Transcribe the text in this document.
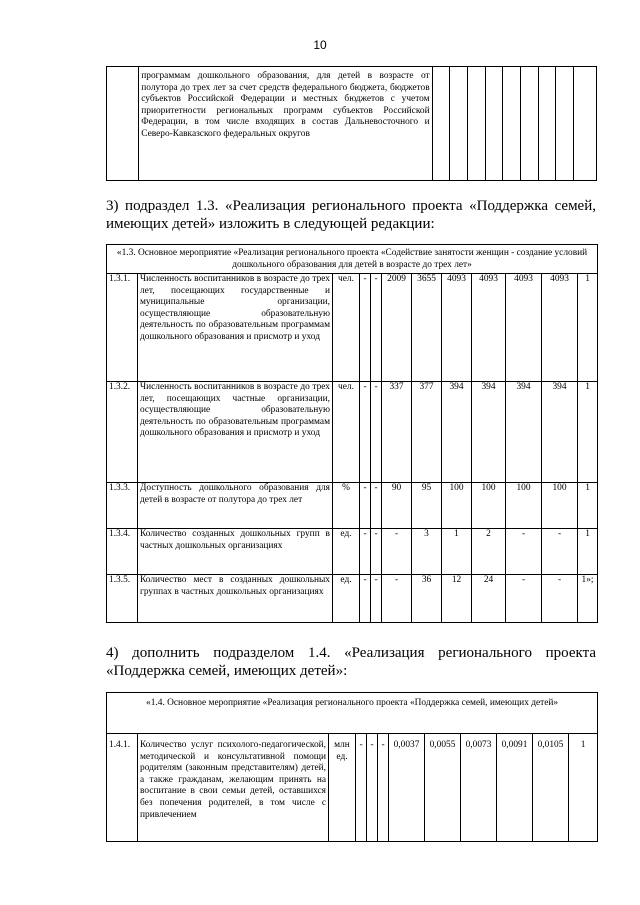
10
	программам дошкольного образования, для детей в возрасте от полутора до трех лет за счет средств федерального бюджета, бюджетов субъектов Российской Федерации и местных бюджетов с учетом приоритетности региональных программ субъектов Российской Федерации, в том числе входящих в состав Дальневосточного и Северо-Кавказского федеральных округов									
3) подраздел 1.3. «Реализация регионального проекта «Поддержка семей, имеющих детей» изложить в следующей редакции:
«1.3. Основное мероприятие «Реализация регионального проекта «Содействие занятости женщин - создание условий дошкольного образования для детей в возрасте до трех лет»											
1.3.1.	Численность воспитанников в возрасте до трех лет, посещающих государственные и муниципальные организации, осуществляющие образовательную деятельность по образовательным программам дошкольного образования и присмотр и уход	чел.	-	-	2009	3655	4093	4093	4093	4093	1
1.3.2.	Численность воспитанников в возрасте до трех лет, посещающих частные организации, осуществляющие образовательную деятельность по образовательным программам дошкольного образования и присмотр и уход	чел.	-	-	337	377	394	394	394	394	1
1.3.3.	Доступность дошкольного образования для детей в возрасте от полутора до трех лет	%	-	-	90	95	100	100	100	100	1
1.3.4.	Количество созданных дошкольных групп в частных дошкольных организациях	ед.	-	-	-	3	1	2	-	-	1
1.3.5.	Количество мест в созданных дошкольных группах в частных дошкольных организациях	ед.	-	-	-	36	12	24	-	-	1»;
4) дополнить подразделом 1.4. «Реализация регионального проекта «Поддержка семей, имеющих детей»:
«1.4. Основное мероприятие «Реализация регионального проекта «Поддержка семей, имеющих детей»
1.4.1.	Количество услуг психолого-педагогической, методической и консультативной помощи родителям (законным представителям) детей, а также гражданам, желающим принять на воспитание в свои семьи детей, оставшихся без попечения родителей, в том числе с привлечением	млн ед.	-	-	-	0,0037	0,0055	0,0073	0,0091	0,0105	1
